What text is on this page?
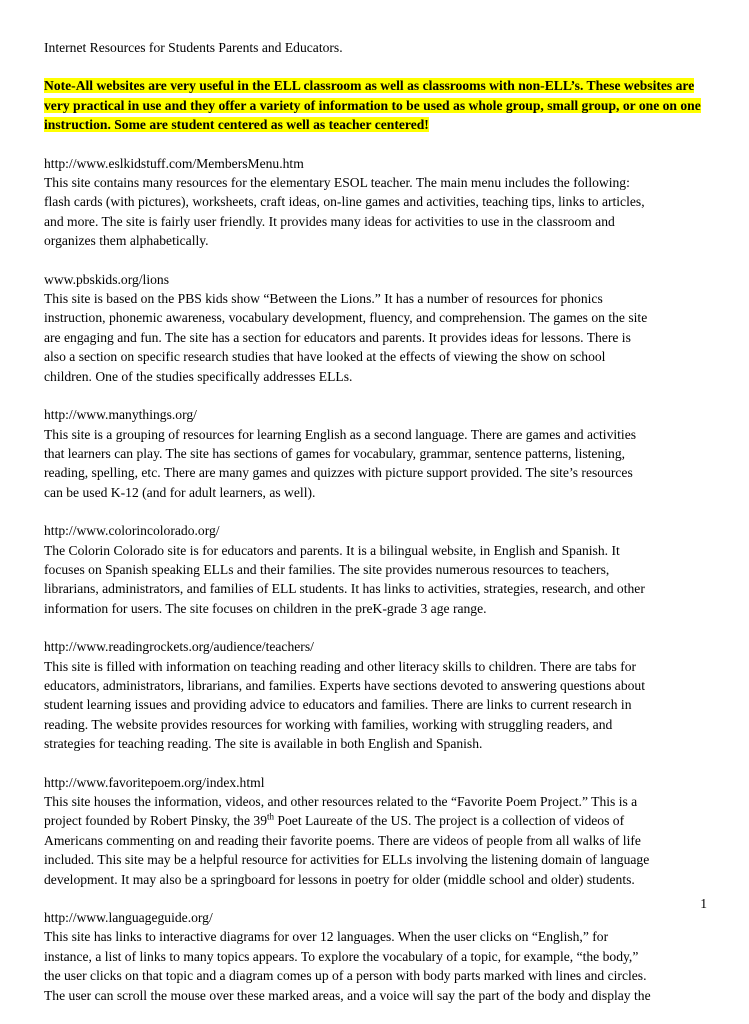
Internet Resources for Students Parents and Educators.
Note-All websites are very useful in the ELL classroom as well as classrooms with non-ELL’s. These websites are very practical in use and they offer a variety of information to be used as whole group, small group, or one on one instruction. Some are student centered as well as teacher centered!
http://www.eslkidstuff.com/MembersMenu.htm
This site contains many resources for the elementary ESOL teacher. The main menu includes the following:
flash cards (with pictures), worksheets, craft ideas, on-line games and activities, teaching tips, links to articles,
and more. The site is fairly user friendly. It provides many ideas for activities to use in the classroom and
organizes them alphabetically.
www.pbskids.org/lions
This site is based on the PBS kids show “Between the Lions.” It has a number of resources for phonics
instruction, phonemic awareness, vocabulary development, fluency, and comprehension. The games on the site
are engaging and fun. The site has a section for educators and parents. It provides ideas for lessons. There is
also a section on specific research studies that have looked at the effects of viewing the show on school
children. One of the studies specifically addresses ELLs.
http://www.manythings.org/
This site is a grouping of resources for learning English as a second language. There are games and activities
that learners can play. The site has sections of games for vocabulary, grammar, sentence patterns, listening,
reading, spelling, etc. There are many games and quizzes with picture support provided. The site’s resources
can be used K-12 (and for adult learners, as well).
http://www.colorincolorado.org/
The Colorin Colorado site is for educators and parents. It is a bilingual website, in English and Spanish. It
focuses on Spanish speaking ELLs and their families. The site provides numerous resources to teachers,
librarians, administrators, and families of ELL students. It has links to activities, strategies, research, and other
information for users. The site focuses on children in the preK-grade 3 age range.
http://www.readingrockets.org/audience/teachers/
This site is filled with information on teaching reading and other literacy skills to children. There are tabs for
educators, administrators, librarians, and families. Experts have sections devoted to answering questions about
student learning issues and providing advice to educators and families. There are links to current research in
reading. The website provides resources for working with families, working with struggling readers, and
strategies for teaching reading. The site is available in both English and Spanish.
http://www.favoritepoem.org/index.html
This site houses the information, videos, and other resources related to the “Favorite Poem Project.” This is a
project founded by Robert Pinsky, the 39th Poet Laureate of the US. The project is a collection of videos of
Americans commenting on and reading their favorite poems. There are videos of people from all walks of life
included. This site may be a helpful resource for activities for ELLs involving the listening domain of language
development. It may also be a springboard for lessons in poetry for older (middle school and older) students.
http://www.languageguide.org/
This site has links to interactive diagrams for over 12 languages. When the user clicks on “English,” for
instance, a list of links to many topics appears. To explore the vocabulary of a topic, for example, “the body,”
the user clicks on that topic and a diagram comes up of a person with body parts marked with lines and circles.
The user can scroll the mouse over these marked areas, and a voice will say the part of the body and display the
1
